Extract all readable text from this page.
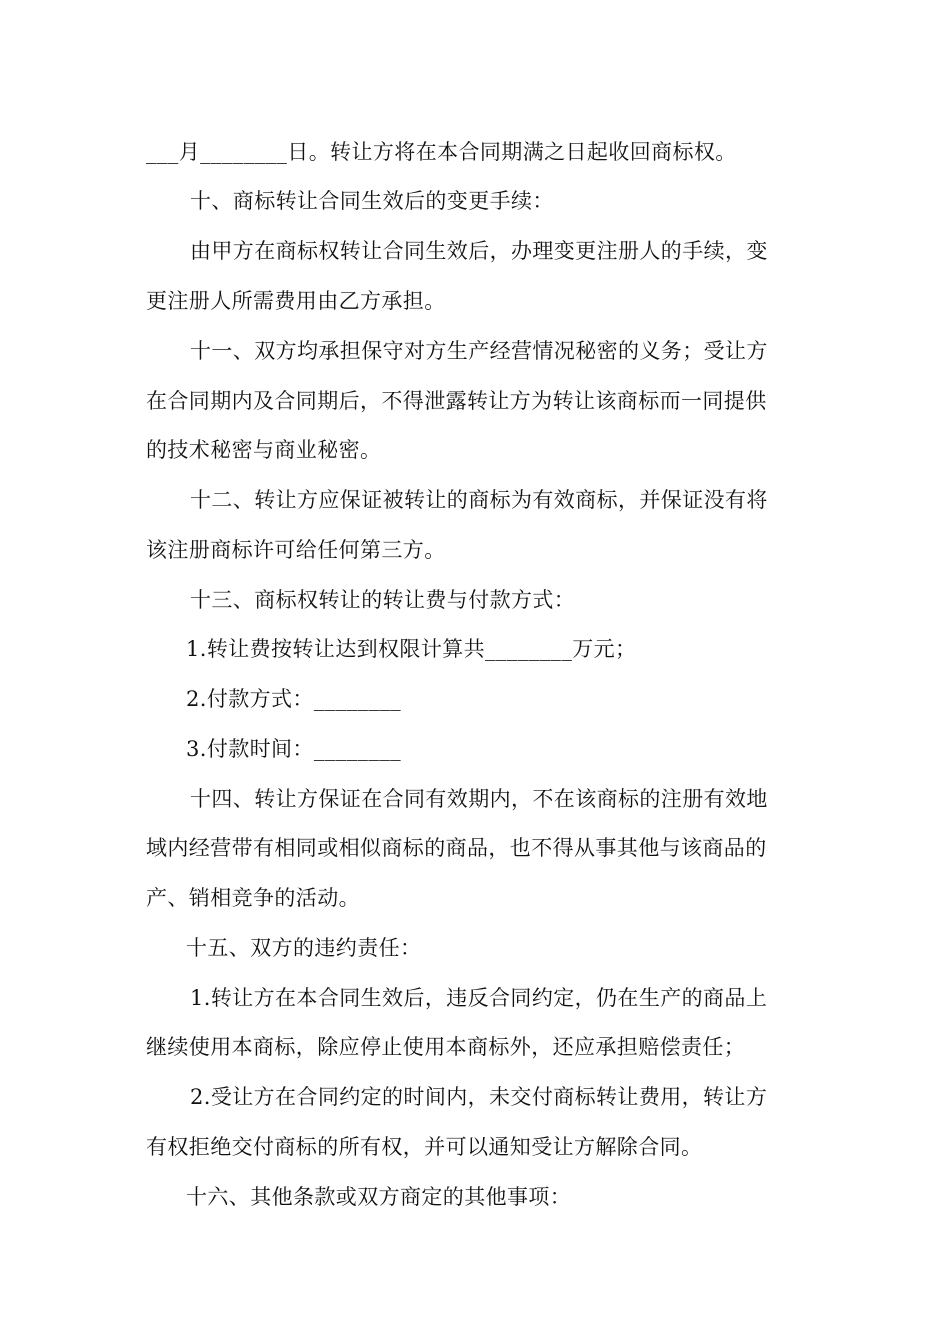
___月________日。转让方将在本合同期满之日起收回商标权。
十、商标转让合同生效后的变更手续：
由甲方在商标权转让合同生效后，办理变更注册人的手续，变
更注册人所需费用由乙方承担。
十一、双方均承担保守对方生产经营情况秘密的义务；受让方
在合同期内及合同期后，不得泄露转让方为转让该商标而一同提供
的技术秘密与商业秘密。
十二、转让方应保证被转让的商标为有效商标，并保证没有将
该注册商标许可给任何第三方。
十三、商标权转让的转让费与付款方式：
1.转让费按转让达到权限计算共________万元；
2.付款方式：________
3.付款时间：________
十四、转让方保证在合同有效期内，不在该商标的注册有效地
域内经营带有相同或相似商标的商品，也不得从事其他与该商品的
产、销相竞争的活动。
十五、双方的违约责任：
1.转让方在本合同生效后，违反合同约定，仍在生产的商品上
继续使用本商标，除应停止使用本商标外，还应承担赔偿责任；
2.受让方在合同约定的时间内，未交付商标转让费用，转让方
有权拒绝交付商标的所有权，并可以通知受让方解除合同。
十六、其他条款或双方商定的其他事项：
